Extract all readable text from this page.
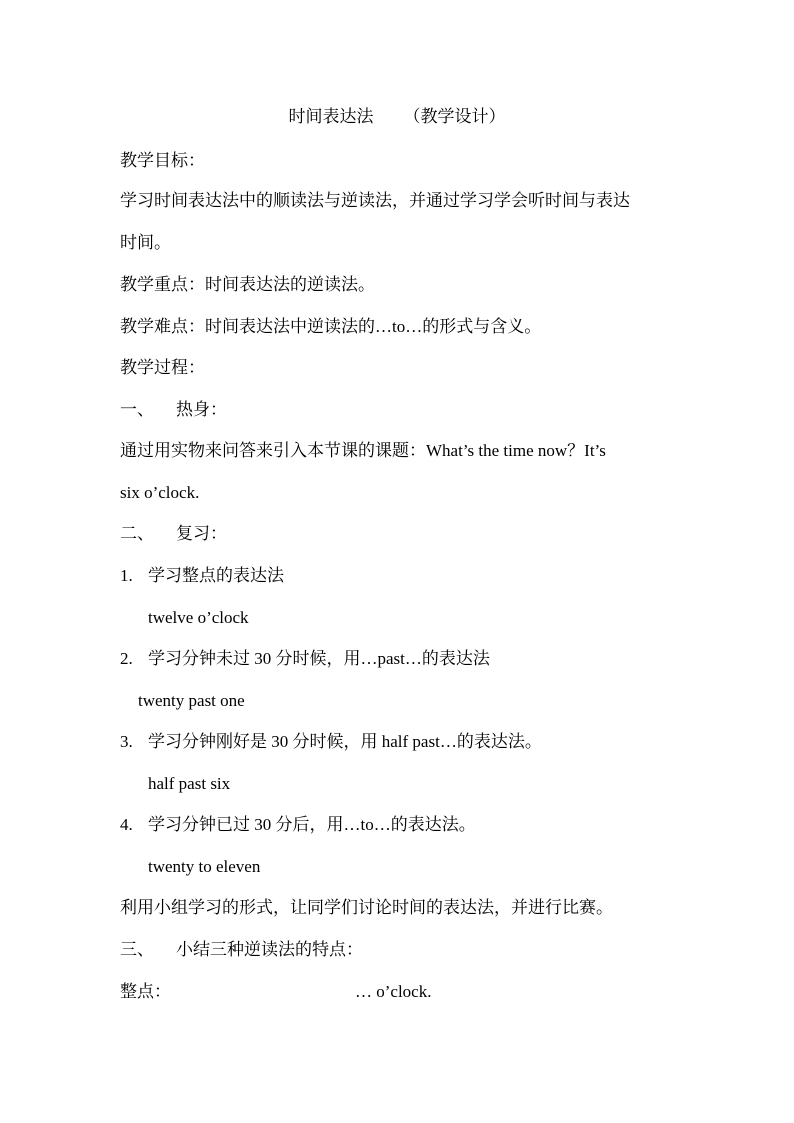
时间表达法 （教学设计）
教学目标：
学习时间表达法中的顺读法与逆读法，并通过学习学会听时间与表达
时间。
教学重点：时间表达法的逆读法。
教学难点：时间表达法中逆读法的…to…的形式与含义。
教学过程：
一、 热身：
通过用实物来问答来引入本节课的课题：What’s the time now？It’s
six o’clock.
二、 复习：
1. 学习整点的表达法
twelve o’clock
2. 学习分钟未过 30 分时候，用…past…的表达法
twenty past one
3. 学习分钟刚好是 30 分时候，用 half past…的表达法。
half past six
4. 学习分钟已过 30 分后，用…to…的表达法。
twenty to eleven
利用小组学习的形式，让同学们讨论时间的表达法，并进行比赛。
三、 小结三种逆读法的特点：
整点：	… o’clock.
